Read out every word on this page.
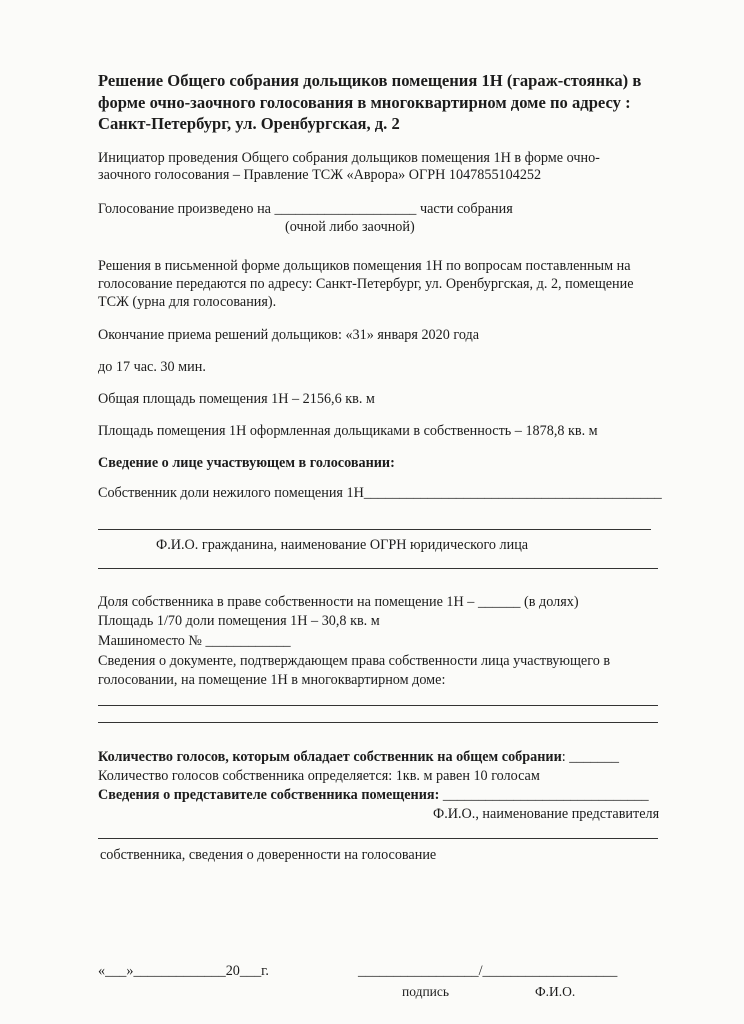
Решение Общего собрания дольщиков помещения 1Н (гараж-стоянка) в
форме очно-заочного голосования в многоквартирном доме по адресу :
Санкт-Петербург, ул. Оренбургская, д. 2
Инициатор проведения Общего собрания дольщиков помещения 1Н в форме очно-
заочного голосования – Правление ТСЖ «Аврора» ОГРН 1047855104252
Голосование произведено на ____________________ части собрания
(очной либо заочной)
Решения в письменной форме дольщиков помещения 1Н по вопросам поставленным на
голосование передаются по адресу: Санкт-Петербург, ул. Оренбургская, д. 2, помещение
ТСЖ (урна для голосования).
Окончание приема решений дольщиков: «31» января 2020 года
до 17 час. 30 мин.
Общая площадь помещения 1Н – 2156,6 кв. м
Площадь помещения 1Н оформленная дольщиками в собственность – 1878,8 кв. м
Сведение о лице участвующем в голосовании:
Собственник доли нежилого помещения 1Н__________________________________________
Ф.И.О. гражданина, наименование ОГРН юридического лица
Доля собственника в праве собственности на помещение 1Н – ______ (в долях)
Площадь 1/70 доли помещения 1Н – 30,8 кв. м
Машиноместо № ____________
Сведения о документе, подтверждающем права собственности лица участвующего в
голосовании, на помещение 1Н в многоквартирном доме:
Количество голосов, которым обладает собственник на общем собрании: _______
Количество голосов собственника определяется: 1кв. м равен 10 голосам
Сведения о представителе собственника помещения: _____________________________
Ф.И.О., наименование представителя
собственника, сведения о доверенности на голосование
«___»_____________20___г.	_________________/___________________
подпись	Ф.И.О.
